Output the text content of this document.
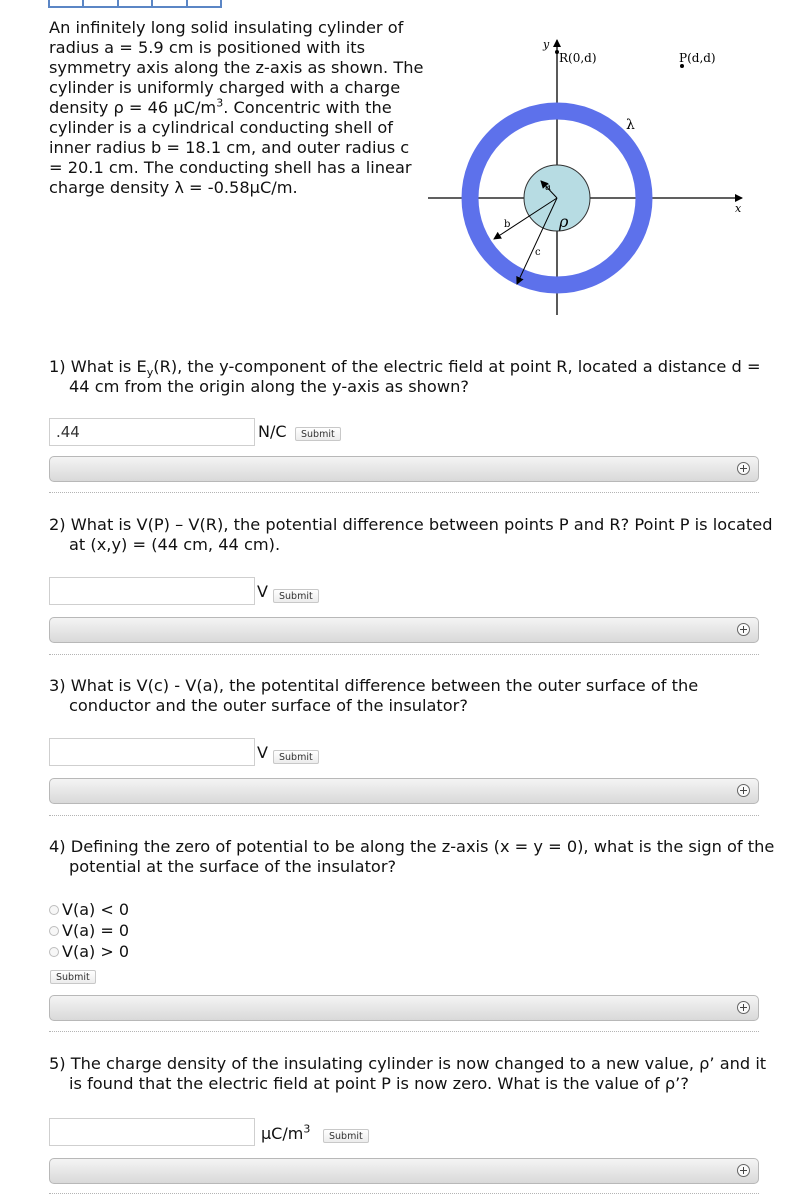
An infinitely long solid insulating cylinder of radius a = 5.9 cm is positioned with its symmetry axis along the z-axis as shown. The cylinder is uniformly charged with a charge density ρ = 46 $\mu C/m^3$. Concentric with the cylinder is a cylindrical conducting shell of inner radius b = 18.1 cm, and outer radius c = 20.1 cm. The conducting shell has a linear charge density λ = -0.58μC/m.

y
x
R(0,d)	P(d,d)
λ
a
b
c
ρ

1) What is $E_y(R)$, the y-component of the electric field at point R, located a distance d = 44 cm from the origin along the y-axis as shown?

.44
N/C	Submit

2) What is V(P) – V(R), the potential difference between points P and R? Point P is located at (x,y) = (44 cm, 44 cm).

V	Submit

3) What is V(c) - V(a), the potentital difference between the outer surface of the conductor and the outer surface of the insulator?

V	Submit

4) Defining the zero of potential to be along the z-axis (x = y = 0), what is the sign of the potential at the surface of the insulator?

V(a) < 0
V(a) = 0
V(a) > 0
Submit

5) The charge density of the insulating cylinder is now changed to a new value, ρ’ and it is found that the electric field at point P is now zero. What is the value of ρ’?

$\mu C/m^3$
Submit
